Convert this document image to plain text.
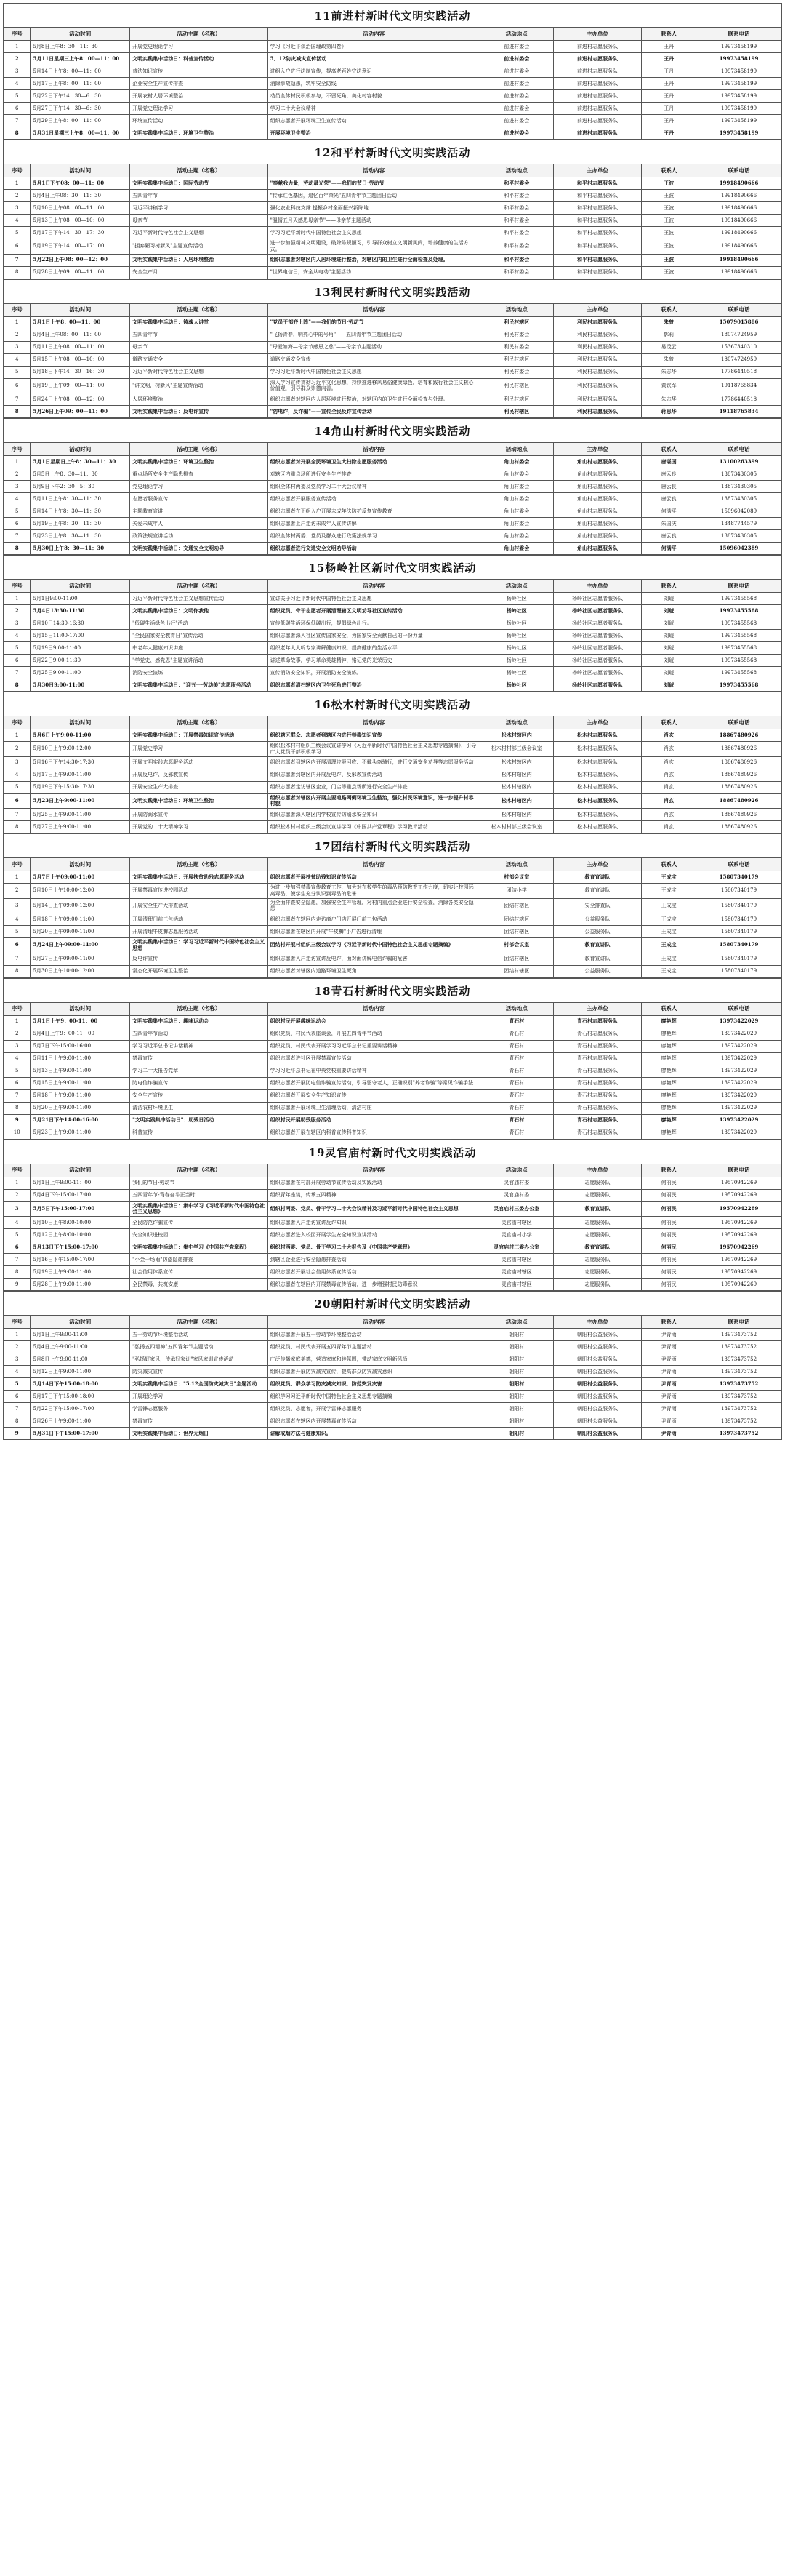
11前进村新时代文明实践活动
序号	活动时间	活动主题（名称）	活动内容	活动地点	主办单位	联系人	联系电话
1	5月8日上午8：30—11：30	开展党史理论学习	学习《习近平谈治国理政第四卷》	前进村委会	前进村志愿服务队	王丹	19973458199
2	5月11日星期三上午8：00—11：00	文明实践集中活动日：科普宣传活动	5．12防灾减灾宣传活动	前进村委会	前进村志愿服务队	王丹	19973458199
3	5月14日上午8：00—11：00	普法知识宣传	进组入户进行法制宣传，提高老百姓守法意识	前进村委会	前进村志愿服务队	王丹	19973458199
4	5月17日上午8：00—11：00	企业安全生产宣传排查	消除事故隐患，筑牢安全防线	前进村委会	前进村志愿服务队	王丹	19973458199
5	5月22日下午14：30—6：30	开展农村人居环境整治	动员全体村民积极参与，不留死角，美化村容村貌	前进村委会	前进村志愿服务队	王丹	19973458199
6	5月27日下午14：30—6：30	开展党史理论学习	学习二十大会议精神	前进村委会	前进村志愿服务队	王丹	19973458199
7	5月29日上午8：00—11：00	环境宣传活动	组织志愿者开展环境卫生宣传活动	前进村委会	前进村志愿服务队	王丹	19973458199
8	5月31日星期三上午8：00—11：00	文明实践集中活动日：环境卫生整治	开展环境卫生整治	前进村委会	前进村志愿服务队	王丹	19973458199
12和平村新时代文明实践活动
序号	活动时间	活动主题（名称）	活动内容	活动地点	主办单位	联系人	联系电话
1	5月1日下午08：00—11：00	文明实践集中活动日：国际劳动节	"奉献我力量，劳动最光荣"——我们的节日·劳动节	和平村委会	和平村志愿服务队	王波	19918490666
2	5月4日上午08：30—11：30	五四青年节	"传承红色基因，追忆百年荣光"五四青年节主题团日活动	和平村委会	和平村志愿服务队	王波	19918490666
3	5月10日上午08：00—11：00	习近平讲稿学习	强化农业科技支撑 提振乡村全面振兴新阵地	和平村委会	和平村志愿服务队	王波	19918490666
4	5月13日上午08：00—10：00	母亲节	"温情五月天感恩母亲节"——母亲节主题活动	和平村委会	和平村志愿服务队	王波	19918490666
5	5月17日下午14：30—17：30	习近平新时代特色社会主义思想	学习习近平新时代中国特色社会主义思想	和平村委会	和平村志愿服务队	王波	19918490666
6	5月19日下午14：00—17：00	"拥弃陋习树新风"主题宣传活动	进一步加强精神文明建设，破除陈规陋习，引导群众树立文明新风尚，培养健康的生活方式。	和平村委会	和平村志愿服务队	王波	19918490666
7	5月22日上午08：00—12：00	文明实践集中活动日：人居环境整治	组织志愿者对辖区内人居环境进行整治，对辖区内的卫生进行全面检查及处理。	和平村委会	和平村志愿服务队	王波	19918490666
8	5月28日上午09：00—11：00	安全生产月	"世界电信日，安全从电动"主题活动	和平村委会	和平村志愿服务队	王波	19918490666
13利民村新时代文明实践活动
序号	活动时间	活动主题（名称）	活动内容	活动地点	主办单位	联系人	联系电话
1	5月1日上午8：00—11：00	文明实践集中活动日：铸魂大讲堂	"党员干部齐上阵"——我们的节日·劳动节	利民村辖区	利民村志愿服务队	朱曾	15079015886
2	5月4日上午08：00—11：00	五四青年节	"飞扬青春，响亮心中的号角"——五四青年节主题团日活动	利民村委会	利民村志愿服务队	郭莉	18074724959
3	5月11日上午08：00—11：00	母亲节	"母爱如海—母亲节感恩之慈"——母亲节主题活动	利民村委会	利民村志愿服务队	易茂云	15367340310
4	5月15日上午08：00—10：00	道路交通安全	道路交通安全宣传	利民村辖区	利民村志愿服务队	朱曾	18074724959
5	5月18日下午14：30—16：30	习近平新时代特色社会主义思想	学习习近平新时代中国特色社会主义思想	利民村委会	利民村志愿服务队	朱志华	17786440518
6	5月19日上午09：00—11：00	"讲文明，树新风"主题宣传活动	深入学习宣传贯彻习近平文化思想，持续推进移风易俗健康绿色，培育和践行社会主义核心价值观，引导群众崇德向善。	利民村辖区	利民村志愿服务队	黄钦军	19118765834
7	5月24日上午08：00—12：00	人居环境整治	组织志愿者对辖区内人居环境进行整治，对辖区内的卫生进行全面检查与处理。	利民村辖区	利民村志愿服务队	朱志华	17786440518
8	5月26日上午09：00—11：00	文明实践集中活动日：反电诈宣传	"防电诈，反诈骗"——宣传全民反诈宣传活动	利民村辖区	利民村志愿服务队	蒋思华	19118765834
14角山村新时代文明实践活动
序号	活动时间	活动主题（名称）	活动内容	活动地点	主办单位	联系人	联系电话
1	5月1日星期日上午8：30—11：30	文明实践集中活动日：环境卫生整治	组织志愿者对开展全民环境卫生大扫除志愿服务活动	角山村委会	角山村志愿服务队	唐谌国	13100263399
2	5月5日上午8：30—11：30	重点场所安全生产隐患排查	对辖区内重点场所进行安全生产排查	角山村委会	角山村志愿服务队	唐云良	13873430305
3	5月9日下午2：30—5：30	党史理论学习	组织全体村两委及党员学习二十大会议精神	角山村委会	角山村志愿服务队	唐云良	13873430305
4	5月11日上午8：30—11：30	志愿者服务宣传	组织志愿者开展服务宣传活动	角山村委会	角山村志愿服务队	唐云良	13873430305
5	5月14日上午8：30—11：30	主题教育宣讲	组织志愿者在下组入户开展未成年法防护反复宣传教育	角山村委会	角山村志愿服务队	何满平	15096042089
6	5月19日上午8：30—11：30	关爱未成年人	组织志愿者上户走访未成年人宣传讲解	角山村委会	角山村志愿服务队	朱国庆	13487744579
7	5月23日上午8：30—11：30	政策法规宣讲活动	组织全体村两委、党员及群众进行政策法规学习	角山村委会	角山村志愿服务队	唐云良	13873430305
8	5月30日上午8：30—11：30	文明实践集中活动日：交通安全文明劝导	组织志愿者进行交通安全文明劝导活动	角山村委会	角山村志愿服务队	何满平	15096042389
15杨岭社区新时代文明实践活动
序号	活动时间	活动主题（名称）	活动内容	活动地点	主办单位	联系人	联系电话
1	5月1日9:00-11:00	习近平新时代特色社会主义思想宣传活动	宣讲关于习近平新时代中国特色社会主义思想	杨岭社区	杨岭社区志愿者服务队	刘琥	19973455568
2	5月4日13:30-11:30	文明实践集中活动日：文明你我他	组织党员、骨干志愿者开展清理辖区文明劝导社区宣传活动	杨岭社区	杨岭社区志愿者服务队	刘琥	19973455568
3	5月10日14:30-16:30	"低碳生活绿色出行"活动	宣传低碳生活环保低碳出行，提倡绿色出行。	杨岭社区	杨岭社区志愿者服务队	刘琥	19973455568
4	5月15日11:00-17:00	"全民国家安全教育日"宣传活动	组织志愿者深入社区宣传国家安全，为国家安全贡献自己的一份力量	杨岭社区	杨岭社区志愿者服务队	刘琥	19973455568
5	5月19日9:00-11:00	中老年人健康知识讲座	组织老年人人听专家讲解健康知识，提高健康的生活水平	杨岭社区	杨岭社区志愿者服务队	刘琥	19973455568
6	5月22日9:00-11:30	"学党史、感党恩"主题宣讲活动	讲述革命故事，学习革命英雄精神，铭记党的光荣历史	杨岭社区	杨岭社区志愿者服务队	刘琥	19973455568
7	5月25日9:00-11:00	消防安全演练	宣传消防安全知识，开展消防安全演练。	杨岭社区	杨岭社区志愿者服务队	刘琥	19973455568
8	5月30日9:00-11:00	文明实践集中活动日："迎五一·劳动美"志愿服务活动	组织志愿者清扫辖区内卫生死角进行整治	杨岭社区	杨岭社区志愿者服务队	刘琥	19973455568
16松木村新时代文明实践活动
序号	活动时间	活动主题（名称）	活动内容	活动地点	主办单位	联系人	联系电话
1	5月6日上午9:00-11:00	文明实践集中活动日：开展禁毒知识宣传活动	组织辖区群众、志愿者到辖区内进行禁毒知识宣传	松木村辖区内	松木村志愿服务队	肖玄	18867480926
2	5月10日上午9:00-12:00	开展党史学习	组织松木村村组织三级会议宣讲学习《习近平新时代中国特色社会主义思想专题摘编》，引导广大党员干部积极学习	松木村村部三级会议室	松木村志愿服务队	肖玄	18867480926
3	5月16日下午14:30-17:30	开展文明实践志愿服务活动	组织志愿者到辖区内开展清理垃圾回收、不戴头盔骑行，进行交通安全劝导等志愿服务活动	松木村辖区内	松木村志愿服务队	肖玄	18867480926
4	5月17日上午9:00-11:00	开展反电诈、反邪教宣传	组织志愿者到辖区内开展反电诈、反邪教宣传活动	松木村辖区内	松木村志愿服务队	肖玄	18867480926
5	5月19日下午15:30-17:30	开展安全生产大排查	组织志愿者走访辖区企业，门店等重点场所进行安全生产排查	松木村辖区内	松木村志愿服务队	肖玄	18867480926
6	5月23日上午9:00-11:00	文明实践集中活动日：环境卫生整治	组织志愿者对辖区内开展主要道路两侧环境卫生整治，强化村民环境意识，进一步提升村容村貌	松木村辖区内	松木村志愿服务队	肖玄	18867480926
7	5月25日上午9:00-11:00	开展防溺水宣传	组织志愿者深入辖区内学校宣传防溺水安全知识	松木村辖区内	松木村志愿服务队	肖玄	18867480926
8	5月27日上午9:00-11:00	开展党的二十大精神学习	组织松木村村组织三级会议宣讲学习《中国共产党章程》学习教育活动	松木村村部三级会议室	松木村志愿服务队	肖玄	18867480926
17团结村新时代文明实践活动
序号	活动时间	活动主题（名称）	活动内容	活动地点	主办单位	联系人	联系电话
1	5月7日上午09:00-11:00	文明实践集中活动日：开展扶贫助残志愿服务活动	组织志愿者开展扶贫助残知识宣传活动	村部会议室	教育宣讲队	王成宝	15807340179
2	5月10日上午10:00-12:00	开展禁毒宣传进校园活动	为进一步加强禁毒宣传教育工作，加大对在校学生的毒品预防教育工作力度，切实让校园远离毒品，使学生充分认识到毒品的危害	团结小学	教育宣讲队	王成宝	15807340179
3	5月14日上午09:00-12:00	开展安全生产大排查活动	为全面排查安全隐患，加强安全生产管理，对村内重点企业进行安全检查，消除各类安全隐患	团结村辖区	安全排查队	王成宝	15807340179
4	5月18日上午09:00-11:00	开展清理门前三包活动	组织志愿者在辖区内走访商户门店开展门前三包活动	团结村辖区	公益服务队	王成宝	15807340179
5	5月20日上午09:00-11:00	开展清理牛皮癣志愿服务活动	组织志愿者在辖区内开展"牛皮癣"小广告进行清理	团结村辖区	公益服务队	王成宝	15807340179
6	5月24日上午09:00-11:00	文明实践集中活动日：学习习近平新时代中国特色社会主义思想	团结村开展村组织三级会议学习《习近平新时代中国特色社会主义思想专题摘编》	村部会议室	教育宣讲队	王成宝	15807340179
7	5月27日上午09:00-11:00	反电诈宣传	组织志愿者入户走访宣讲反电诈，面对面讲解电信诈骗的危害	团结村辖区	教育宣讲队	王成宝	15807340179
8	5月30日上午10:00-12:00	常态化开展环境卫生整治	组织志愿者对辖区内道路环境卫生死角	团结村辖区	公益服务队	王成宝	15807340179
18青石村新时代文明实践活动
序号	活动时间	活动主题（名称）	活动内容	活动地点	主办单位	联系人	联系电话
1	5月1日上午9：00-11：00	文明实践集中活动日：趣味运动会	组织村民开展趣味运动会	青石村	青石村志愿服务队	廖艳辉	13973422029
2	5月4日上午9：00-11：00	五四青年节活动	组织党员、村民代表座谈会，开展五四青年节活动	青石村	青石村志愿服务队	廖艳辉	13973422029
3	5月7日下午15:00-16:00	学习习近平总书记讲话精神	组织党员、村民代表开展学习习近平总书记重要讲话精神	青石村	青石村志愿服务队	廖艳辉	13973422029
4	5月11日上午9:00-11:00	禁毒宣传	组织志愿者进社区开展禁毒宣传活动	青石村	青石村志愿服务队	廖艳辉	13973422029
5	5月13日上午9:00-11:00	学习二十大报告党章	学习习近平总书记在中央党校重要讲话精神	青石村	青石村志愿服务队	廖艳辉	13973422029
6	5月15日上午9:00-11:00	防电信诈骗宣传	组织志愿者开展防电信诈骗宣传活动，引导留守老人，正确识别"养老诈骗"等常见诈骗手法	青石村	青石村志愿服务队	廖艳辉	13973422029
7	5月18日上午9:00-11:00	安全生产宣传	组织志愿者开展安全生产知识宣传	青石村	青石村志愿服务队	廖艳辉	13973422029
8	5月20日上午9:00-11:00	清洁农村环境卫生	组织志愿者开展环境卫生清理活动，清洁村庄	青石村	青石村志愿服务队	廖艳辉	13973422029
9	5月21日下午14:00-16:00	"文明实践集中活动日"：助残日活动	组织村民开展助残服务活动	青石村	青石村志愿服务队	廖艳辉	13973422029
10	5月23日上午9:00-11:00	科普宣传	组织志愿者开展在辖区内科普宣传科普知识	青石村	青石村志愿服务队	廖艳辉	13973422029
19灵官庙村新时代文明实践活动
序号	活动时间	活动主题（名称）	活动内容	活动地点	主办单位	联系人	联系电话
1	5月1日上午9:00-11：00	我们的节日-劳动节	组织志愿者在村部开展劳动节宣传活动及实践活动	灵官庙村委	志愿服务队	何丽民	19570942269
2	5月4日下午15:00-17:00	五四青年节-青春奋斗正当时	组织青年座谈，传承五四精神	灵官庙村委	志愿服务队	何丽民	19570942269
3	5月5日下午15:00-17:00	文明实践集中活动日：集中学习《习近平新时代中国特色社会主义思想》	组织村两委、党员、骨干学习二十大会议精神及习近平新时代中国特色社会主义思想	灵官庙村三委办公室	教育宣讲队	何丽民	19570942269
4	5月10日上午8:00-10:00	全民防范诈骗宣传	组织志愿者入户走访宣讲反诈知识	灵官庙村辖区	志愿服务队	何丽民	19570942269
5	5月12日上午8:00-10:00	安全知识进校园	组织志愿者进入校园开展学生安全知识宣讲活动	灵官庙村小学	志愿服务队	何丽民	19570942269
6	5月13日下午15:00-17:00	文明实践集中活动日：集中学习《中国共产党章程》	组织村两委、党员、骨干学习二十大报告及《中国共产党章程》	灵官庙村三委办公室	教育宣讲队	何丽民	19570942269
7	5月16日下午15:00-17:00	"小金一场雨"防盗隐患排查	到辖区企业进行安全隐患排查活动	灵官庙村辖区	志愿服务队	何丽民	19570942269
8	5月19日上午9:00-11:00	社会信用体系宣传	组织志愿者开展社会信用体系宣传活动	灵官庙村辖区	志愿服务队	何丽民	19570942269
9	5月28日上午9:00-11:00	全民禁毒，共筑安康	组织志愿者在辖区内开展禁毒宣传活动，进一步增强村民防毒意识	灵官庙村辖区	志愿服务队	何丽民	19570942269
20朝阳村新时代文明实践活动
序号	活动时间	活动主题（名称）	活动内容	活动地点	主办单位	联系人	联系电话
1	5月1日上午9:00-11:00	五一劳动节环境整治活动	组织志愿者开展五一劳动节环境整治活动	朝阳村	朝阳村公益服务队	尹青雨	13973473752
2	5月4日上午9:00-11:00	"弘扬五四精神"五四青年节主题活动	组织党员、村民代表开展五四青年节主题活动	朝阳村	朝阳村公益服务队	尹青雨	13973473752
3	5月8日上午9:00-11:00	"弘扬好家风，传承好家训"家风家训宣传活动	广泛传播家庭美德，营造家庭和睦氛围，带动家庭文明新风尚	朝阳村	朝阳村公益服务队	尹青雨	13973473752
4	5月12日上午9:00-11:00	防灾减灾宣传	组织志愿者开展防灾减灾宣传，提高群众防灾减灾意识	朝阳村	朝阳村公益服务队	尹青雨	13973473752
5	5月14日下午15:00-18:00	文明实践集中活动日："5.12全国防灾减灾日"主题活动	组织党员、群众学习防灾减灾知识，防范突发灾害	朝阳村	朝阳村公益服务队	尹青雨	13973473752
6	5月17日下午15:00-18:00	开展理论学习	组织学习习近平新时代中国特色社会主义思想专题摘编	朝阳村	朝阳村公益服务队	尹青雨	13973473752
7	5月22日下午15:00-17:00	学雷锋志愿服务	组织党员、志愿者，开展学雷锋志愿服务	朝阳村	朝阳村公益服务队	尹青雨	13973473752
8	5月26日上午9:00-11:00	禁毒宣传	组织志愿者在辖区内开展禁毒宣传活动	朝阳村	朝阳村公益服务队	尹青雨	13973473752
9	5月31日下午15:00-17:00	文明实践集中活动日：世界无烟日	讲解戒烟方法与健康知识。	朝阳村	朝阳村公益服务队	尹青雨	13973473752
